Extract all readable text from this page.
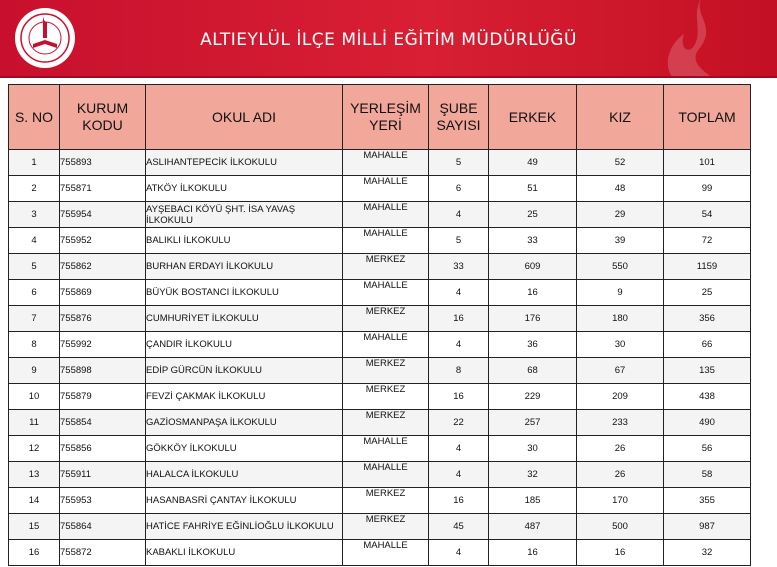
ALTIEYLÜL İLÇE MİLLİ EĞİTİM MÜDÜRLÜĞÜ
S. NO	KURUM KODU	OKUL ADI	YERLEŞİM YERİ	ŞUBE SAYISI	ERKEK	KIZ	TOPLAM
1	755893	ASLIHANTEPECİK İLKOKULU	MAHALLE	5	49	52	101
2	755871	ATKÖY İLKOKULU	MAHALLE	6	51	48	99
3	755954	AYŞEBACI KÖYÜ ŞHT. İSA YAVAŞ İLKOKULU	MAHALLE	4	25	29	54
4	755952	BALIKLI İLKOKULU	MAHALLE	5	33	39	72
5	755862	BURHAN ERDAYI İLKOKULU	MERKEZ	33	609	550	1159
6	755869	BÜYÜK BOSTANCI İLKOKULU	MAHALLE	4	16	9	25
7	755876	CUMHURİYET İLKOKULU	MERKEZ	16	176	180	356
8	755992	ÇANDIR İLKOKULU	MAHALLE	4	36	30	66
9	755898	EDİP GÜRCÜN İLKOKULU	MERKEZ	8	68	67	135
10	755879	FEVZİ ÇAKMAK İLKOKULU	MERKEZ	16	229	209	438
11	755854	GAZİOSMANPAŞA İLKOKULU	MERKEZ	22	257	233	490
12	755856	GÖKKÖY İLKOKULU	MAHALLE	4	30	26	56
13	755911	HALALCA İLKOKULU	MAHALLE	4	32	26	58
14	755953	HASANBASRİ ÇANTAY İLKOKULU	MERKEZ	16	185	170	355
15	755864	HATİCE FAHRİYE EĞİNLİOĞLU İLKOKULU	MERKEZ	45	487	500	987
16	755872	KABAKLI İLKOKULU	MAHALLE	4	16	16	32
